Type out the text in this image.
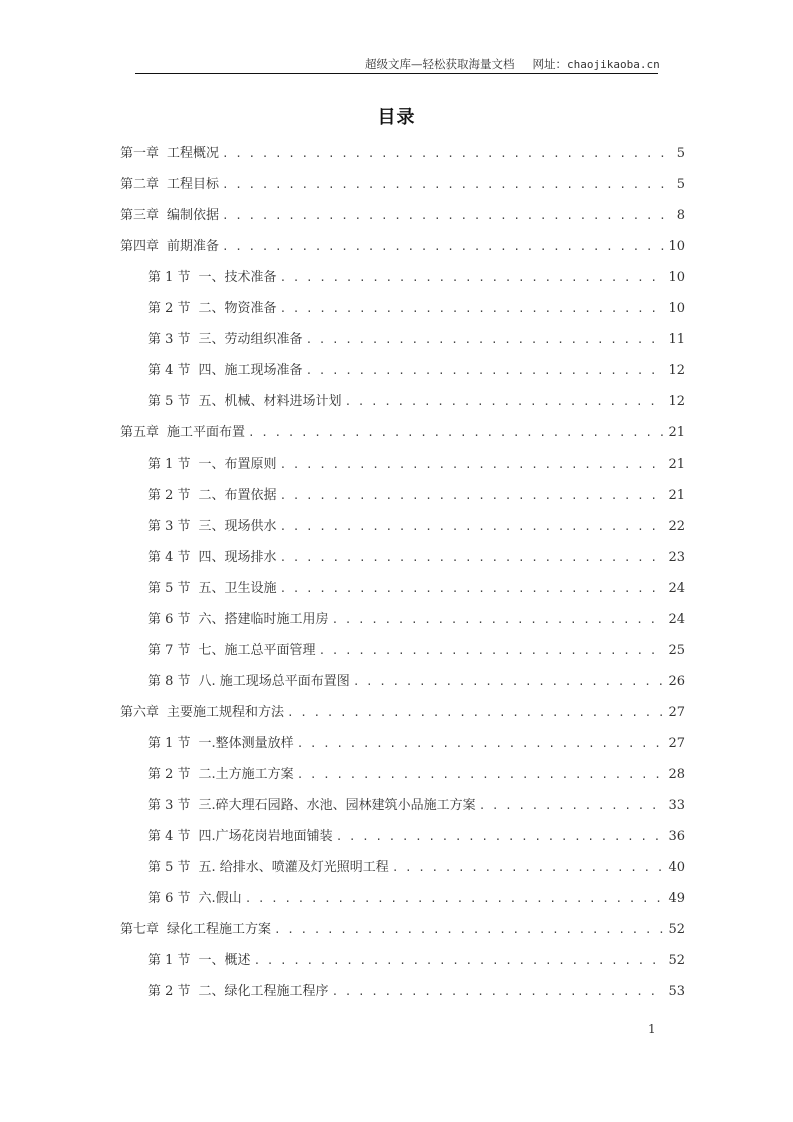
超级文库—轻松获取海量文档 网址：chaojikaoba.cn
目录
第一章 工程概况 . . .	5
第二章 工程目标 . . .	5
第三章 编制依据 . . .	8
第四章 前期准备 . . .	10
第 1 节 一、技术准备 . . .	10
第 2 节 二、物资准备 . . .	10
第 3 节 三、劳动组织准备 . . .	11
第 4 节 四、施工现场准备 . . .	12
第 5 节 五、机械、材料进场计划 . . .	12
第五章 施工平面布置 . . .	21
第 1 节 一、布置原则 . . .	21
第 2 节 二、布置依据 . . .	21
第 3 节 三、现场供水 . . .	22
第 4 节 四、现场排水 . . .	23
第 5 节 五、卫生设施 . . .	24
第 6 节 六、搭建临时施工用房 . . .	24
第 7 节 七、施工总平面管理 . . .	25
第 8 节 八. 施工现场总平面布置图 . . .	26
第六章 主要施工规程和方法 . . .	27
第 1 节 一.整体测量放样 . . .	27
第 2 节 二.土方施工方案 . . .	28
第 3 节 三.碎大理石园路、水池、园林建筑小品施工方案 . . .	33
第 4 节 四.广场花岗岩地面铺装 . . .	36
第 5 节 五. 给排水、喷灌及灯光照明工程 . . .	40
第 6 节 六.假山 . . .	49
第七章 绿化工程施工方案 . . .	52
第 1 节 一、概述 . . .	52
第 2 节 二、绿化工程施工程序 . . .	53
1
